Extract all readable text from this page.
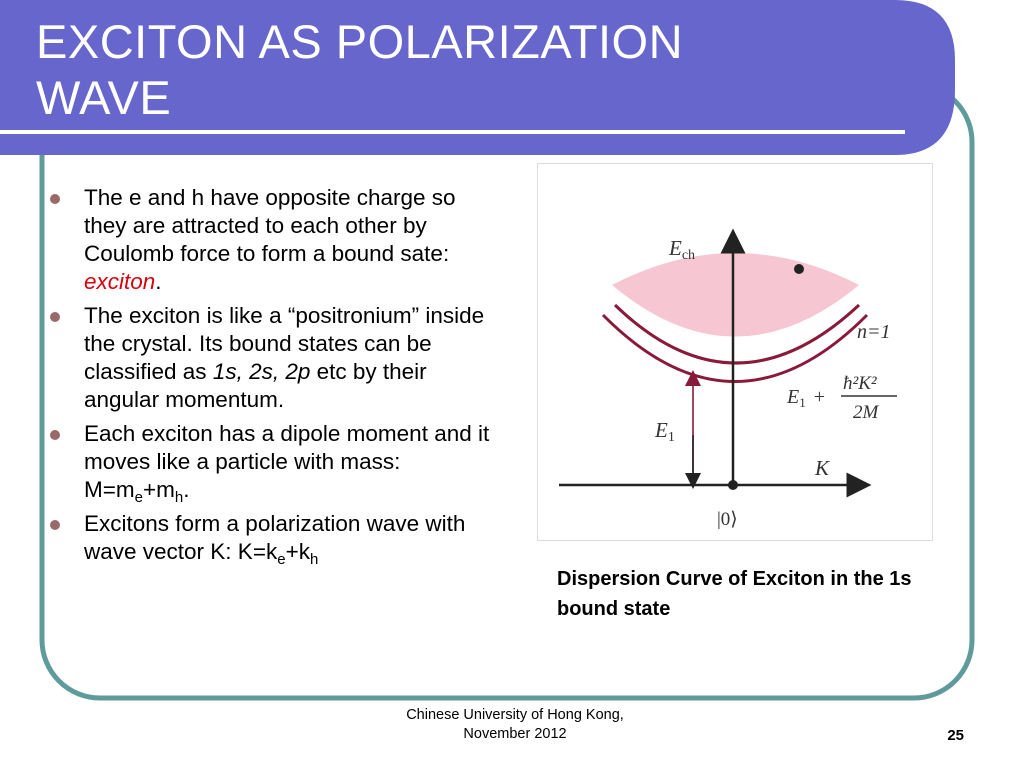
EXCITON AS POLARIZATION
WAVE
The e and h have opposite charge so they are attracted to each other by Coulomb force to form a bound sate: exciton.
The exciton is like a “positronium” inside the crystal. Its bound states can be classified as 1s, 2s, 2p etc by their angular momentum.
Each exciton has a dipole moment and it moves like a particle with mass: $M=m_e+m_h$.
Excitons form a polarization wave with wave vector K: $K=k_e+k_h$
Ech
n=1
E1
$E_1$ +
ħ²K²
2M
K
|0⟩
Dispersion Curve of Exciton in the 1s bound state
Chinese University of Hong Kong,
November 2012	25
